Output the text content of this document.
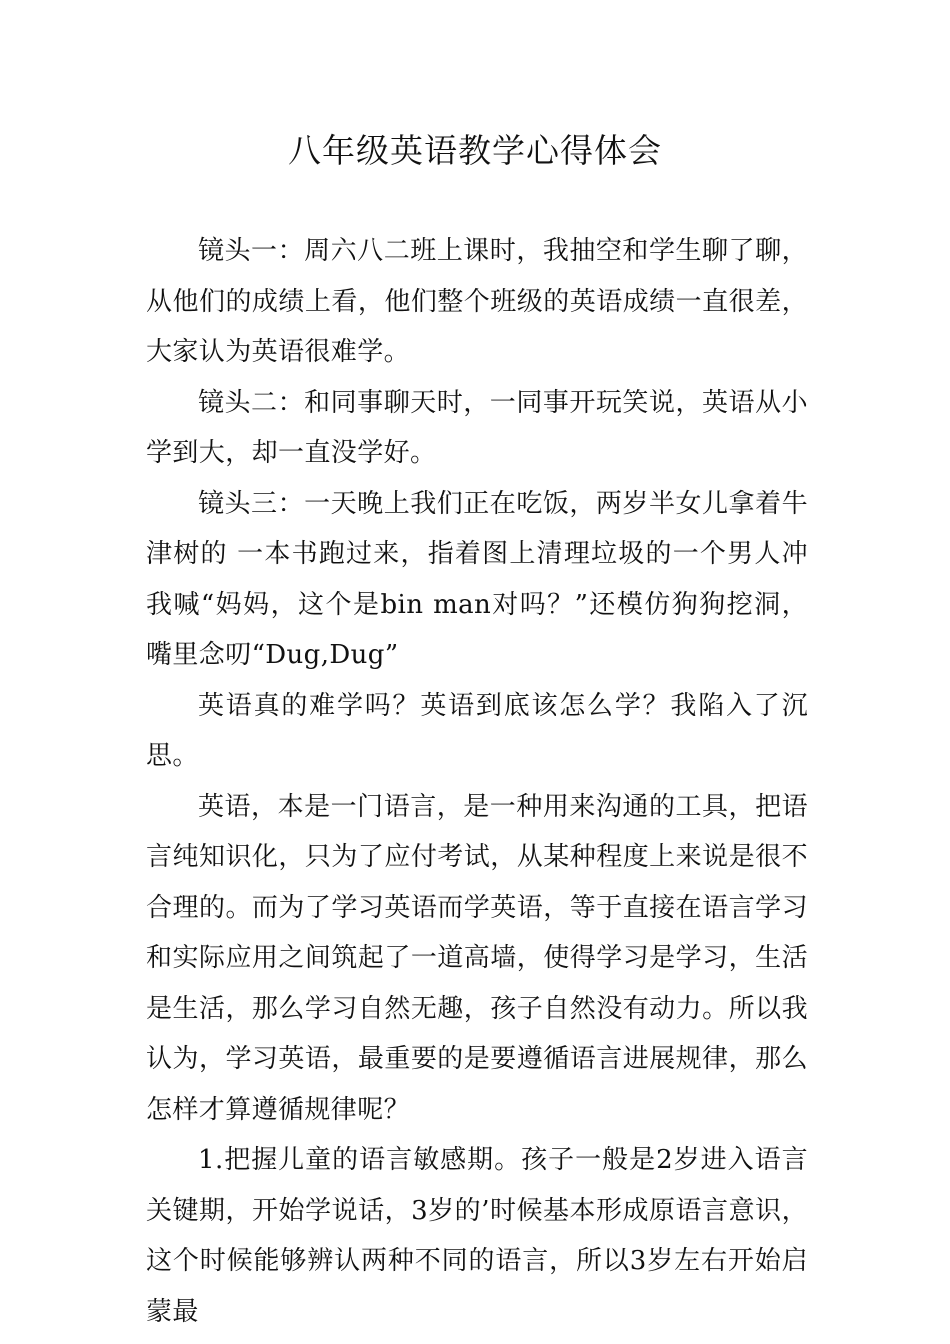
八年级英语教学心得体会

镜头一：周六八二班上课时，我抽空和学生聊了聊，从他们的成绩上看，他们整个班级的英语成绩一直很差，大家认为英语很难学。

镜头二：和同事聊天时，一同事开玩笑说，英语从小学到大，却一直没学好。

镜头三：一天晚上我们正在吃饭，两岁半女儿拿着牛津树的 一本书跑过来，指着图上清理垃圾的一个男人冲我喊“妈妈，这个是bin man对吗？”还模仿狗狗挖洞，嘴里念叨“Dug,Dug”

英语真的难学吗？英语到底该怎么学？我陷入了沉思。

英语，本是一门语言，是一种用来沟通的工具，把语言纯知识化，只为了应付考试，从某种程度上来说是很不合理的。而为了学习英语而学英语，等于直接在语言学习和实际应用之间筑起了一道高墙，使得学习是学习，生活是生活，那么学习自然无趣，孩子自然没有动力。所以我认为，学习英语，最重要的是要遵循语言进展规律，那么怎样才算遵循规律呢？

1.把握儿童的语言敏感期。孩子一般是2岁进入语言关键期，开始学说话，3岁的’时候基本形成原语言意识，这个时候能够辨认两种不同的语言，所以3岁左右开始启蒙最
